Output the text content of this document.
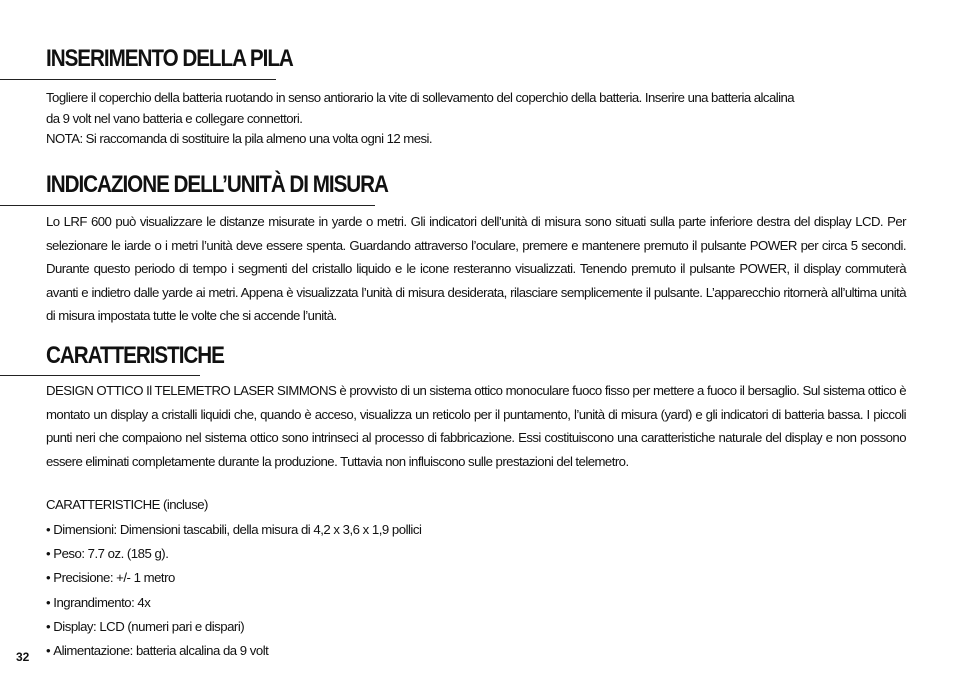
INSERIMENTO DELLA PILA

Togliere il coperchio della batteria ruotando in senso antiorario la vite di sollevamento del coperchio della batteria. Inserire una batteria alcalina
da 9 volt nel vano batteria e collegare connettori.
NOTA: Si raccomanda di sostituire la pila almeno una volta ogni 12 mesi.

INDICAZIONE DELL’UNITÀ DI MISURA

Lo LRF 600 può visualizzare le distanze misurate in yarde o metri. Gli indicatori dell’unità di misura sono situati sulla parte inferiore destra del display LCD. Per selezionare le iarde o i metri l’unità deve essere spenta. Guardando attraverso l’oculare, premere e mantenere premuto il pulsante POWER per circa 5 secondi. Durante questo periodo di tempo i segmenti del cristallo liquido e le icone resteranno visualizzati. Tenendo premuto il pulsante POWER, il display commuterà avanti e indietro dalle yarde ai metri. Appena è visualizzata l’unità di misura desiderata, rilasciare semplicemente il pulsante. L’apparecchio ritornerà all’ultima unità di misura impostata tutte le volte che si accende l’unità.

CARATTERISTICHE

DESIGN OTTICO Il TELEMETRO LASER SIMMONS è provvisto di un sistema ottico monoculare fuoco fisso per mettere a fuoco il bersaglio. Sul sistema ottico è montato un display a cristalli liquidi che, quando è acceso, visualizza un reticolo per il puntamento, l’unità di misura (yard) e gli indicatori di batteria bassa. I piccoli punti neri che compaiono nel sistema ottico sono intrinseci al processo di fabbricazione. Essi costituiscono una caratteristiche naturale del display e non possono essere eliminati completamente durante la produzione. Tuttavia non influiscono sulle prestazioni del telemetro.

CARATTERISTICHE (incluse)

• Dimensioni: Dimensioni tascabili, della misura di 4,2 x 3,6 x 1,9 pollici
• Peso: 7.7 oz. (185 g).
• Precisione: +/- 1 metro
• Ingrandimento: 4x
• Display: LCD (numeri pari e dispari)
• Alimentazione: batteria alcalina da 9 volt
32
